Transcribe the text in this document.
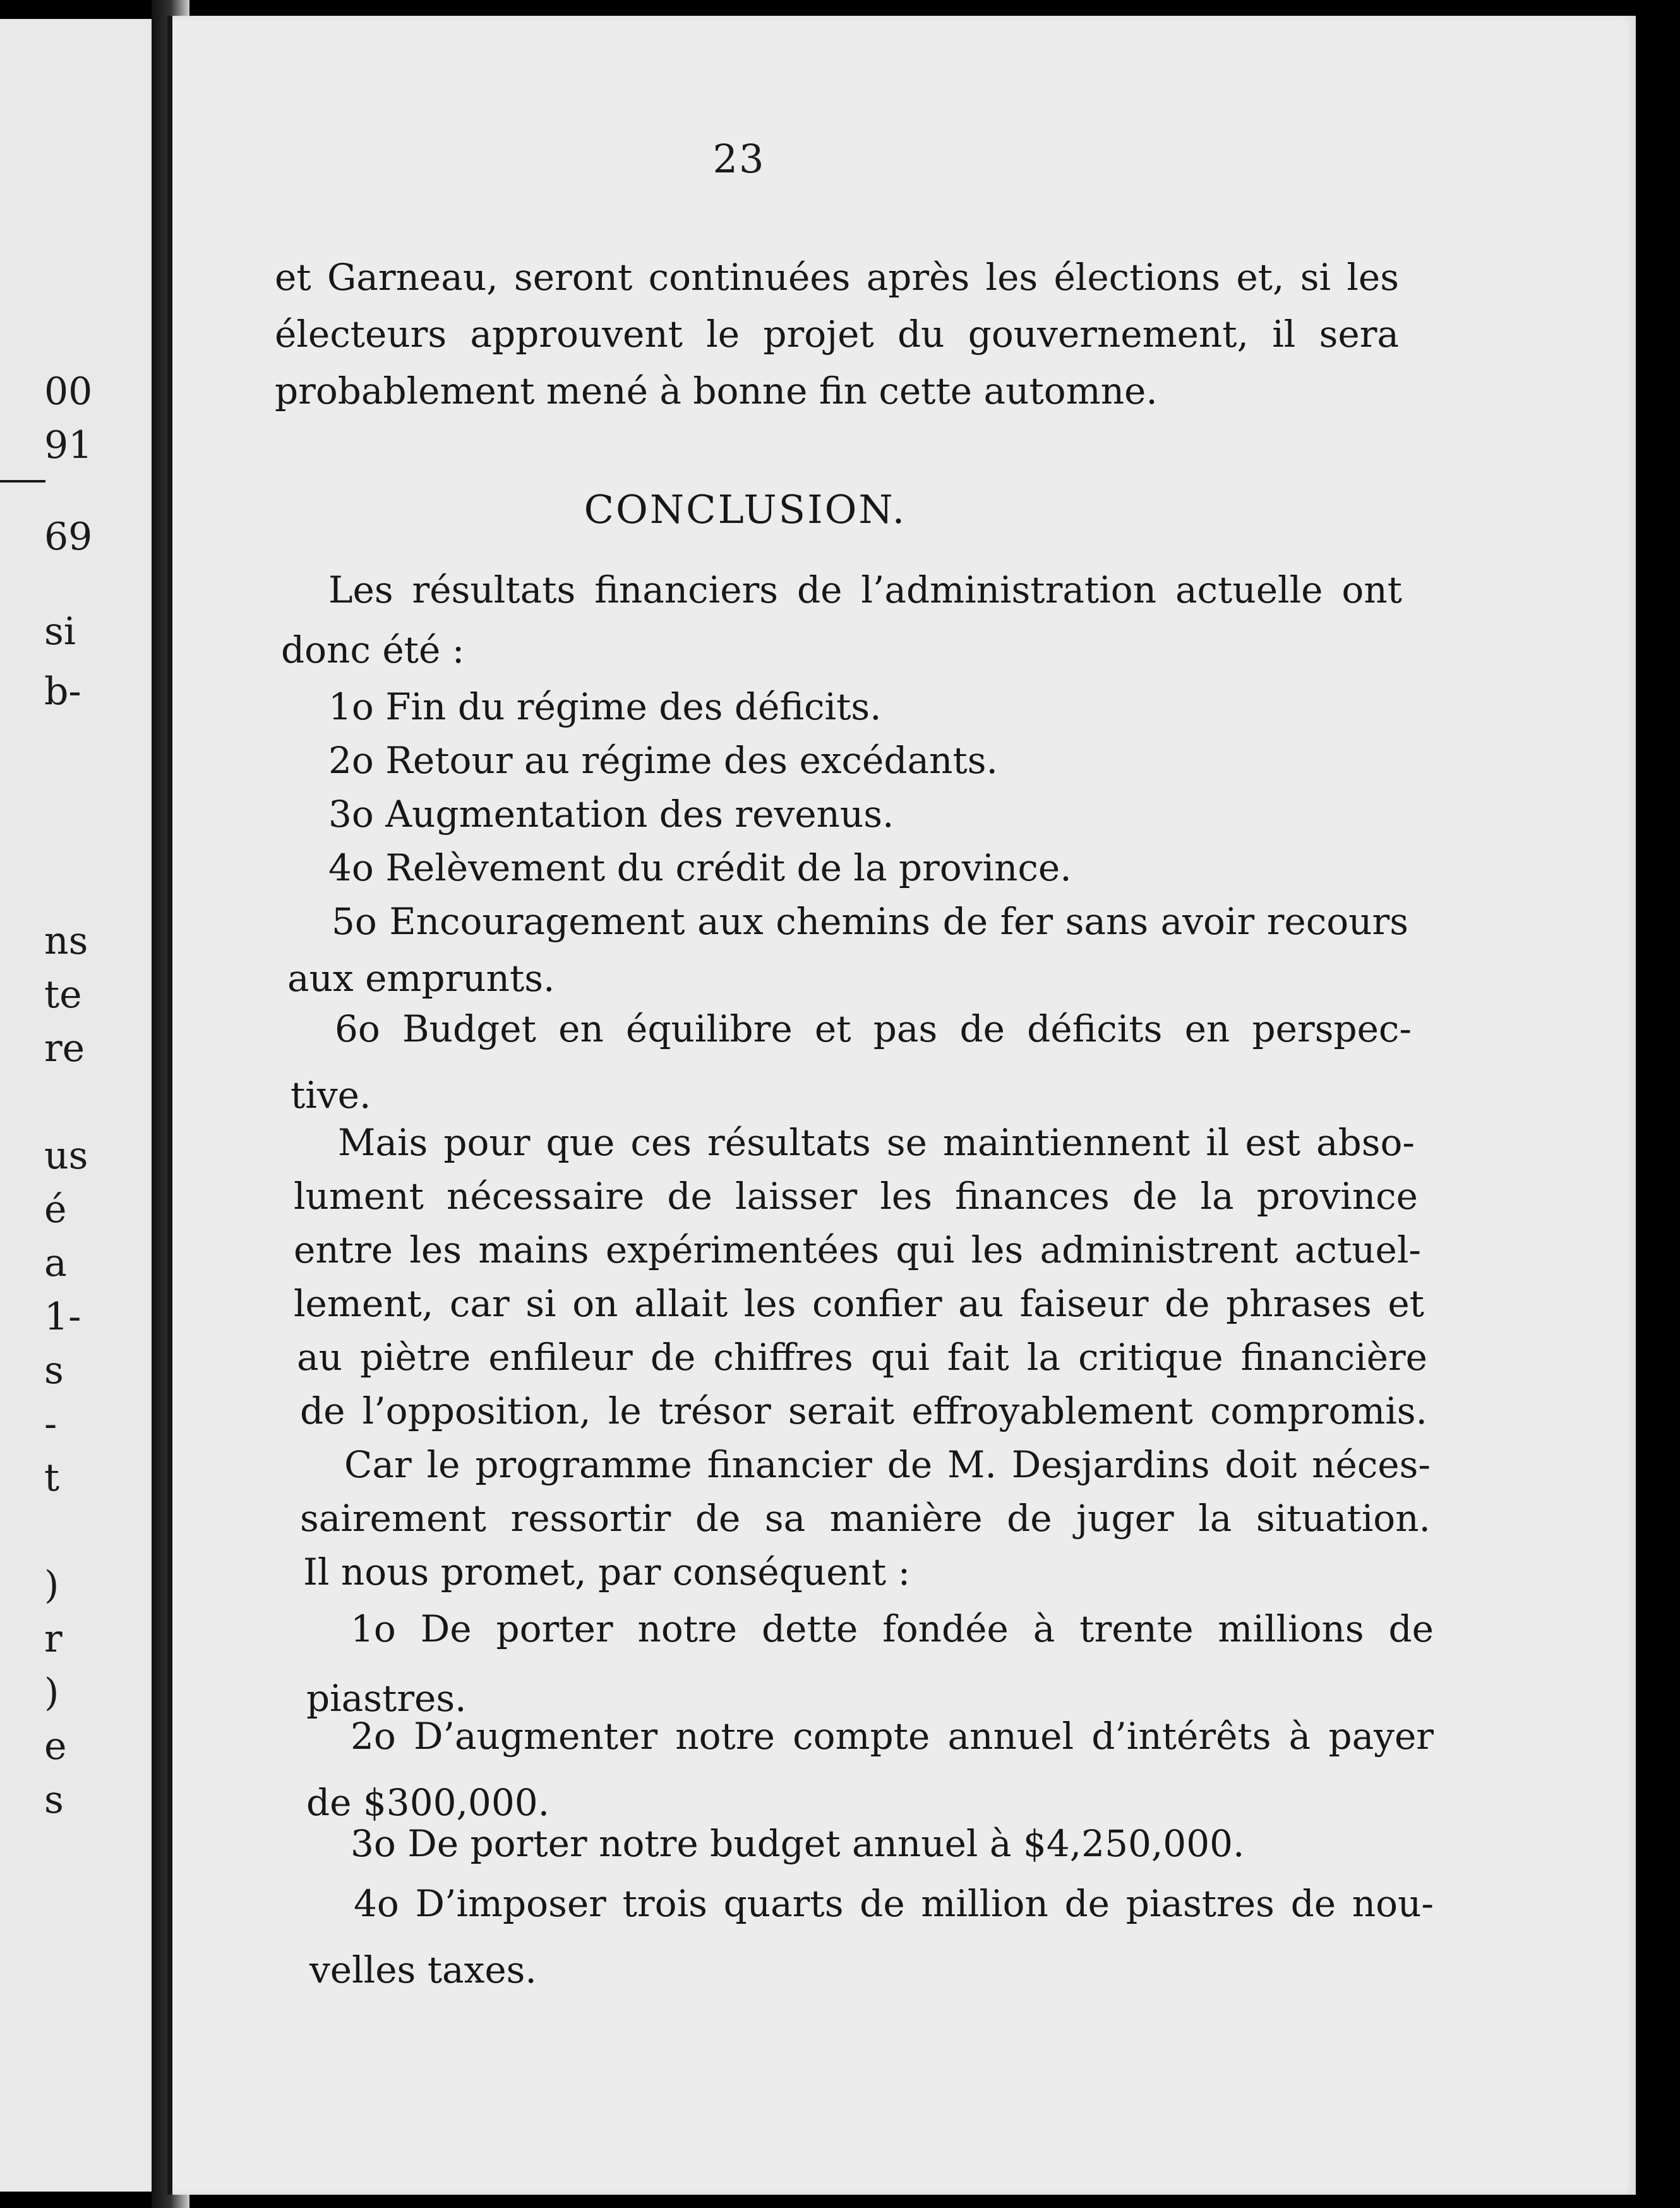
00
91
69
si
b-
ns
te
re
us
é
a
1-
s
-
t
)
r
)
e
s
23
et Garneau, seront continuées après les élections et, si les
électeurs approuvent le projet du gouvernement, il sera
probablement mené à bonne fin cette automne.
CONCLUSION.
Les résultats financiers de l’administration actuelle ont
donc été :
1o Fin du régime des déficits.
2o Retour au régime des excédants.
3o Augmentation des revenus.
4o Relèvement du crédit de la province.
5o Encouragement aux chemins de fer sans avoir recours
aux emprunts.
6o Budget en équilibre et pas de déficits en perspec-
tive.
Mais pour que ces résultats se maintiennent il est abso-
lument nécessaire de laisser les finances de la province
entre les mains expérimentées qui les administrent actuel-
lement, car si on allait les confier au faiseur de phrases et
au piètre enfileur de chiffres qui fait la critique financière
de l’opposition, le trésor serait effroyablement compromis.
Car le programme financier de M. Desjardins doit néces-
sairement ressortir de sa manière de juger la situation.
Il nous promet, par conséquent :
1o De porter notre dette fondée à trente millions de
piastres.
2o D’augmenter notre compte annuel d’intérêts à payer
de $300,000.
3o De porter notre budget annuel à $4,250,000.
4o D’imposer trois quarts de million de piastres de nou-
velles taxes.
